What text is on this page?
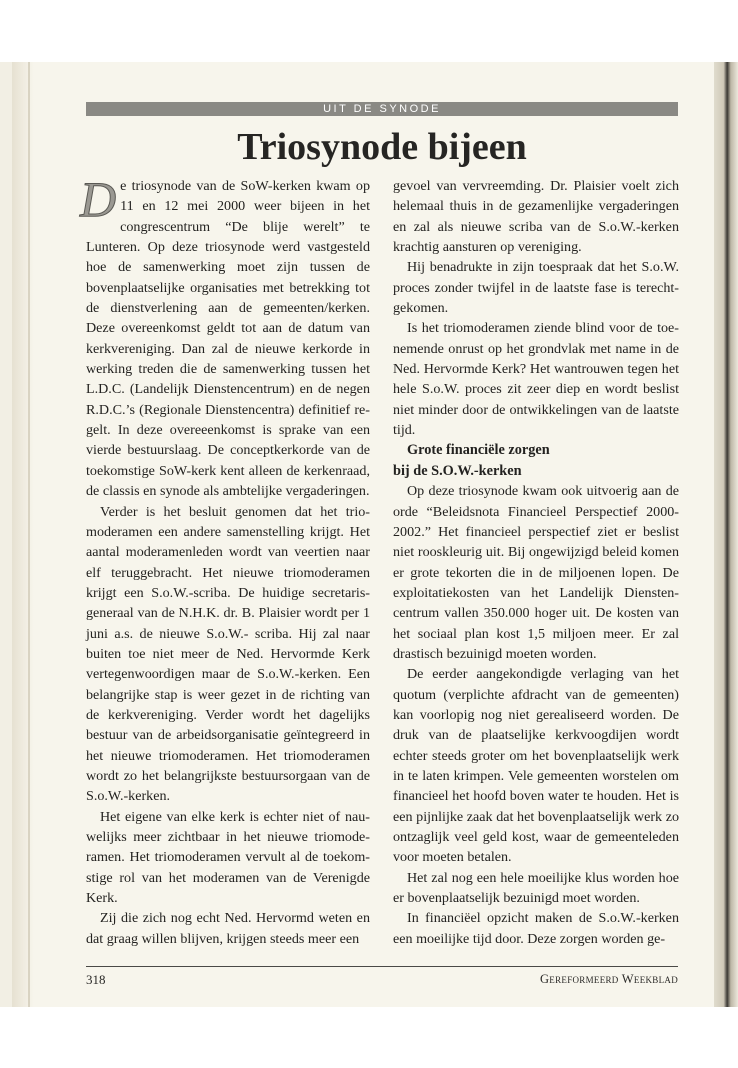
UIT DE SYNODE
Triosynode bijeen

De triosynode van de SoW-kerken kwam op 11 en 12 mei 2000 weer bijeen in het congrescentrum “De blije werelt” te Lunteren. Op deze triosynode werd vastgesteld hoe de samenwerking moet zijn tussen de bovenplaatselijke organisaties met betrekking tot de dienstverlening aan de gemeenten/kerken. Deze overeenkomst geldt tot aan de datum van kerkvereniging. Dan zal de nieuwe kerkorde in werking treden die de samenwerking tussen het L.D.C. (Landelijk Dienstencentrum) en de negen R.D.C.’s (Regionale Dienstencentra) definitief regelt. In deze overeeenkomst is sprake van een vierde bestuurslaag. De conceptkerkorde van de toekomstige SoW-kerk kent alleen de kerkenraad, de classis en synode als ambtelijke vergaderingen.

Verder is het besluit genomen dat het triomoderamen een andere samenstelling krijgt. Het aantal moderamenleden wordt van veertien naar elf teruggebracht. Het nieuwe triomoderamen krijgt een S.o.W.-scriba. De huidige secretaris-generaal van de N.H.K. dr. B. Plaisier wordt per 1 juni a.s. de nieuwe S.o.W.- scriba. Hij zal naar buiten toe niet meer de Ned. Hervormde Kerk vertegenwoordigen maar de S.o.W.-kerken. Een belangrijke stap is weer gezet in de richting van de kerkvereniging. Verder wordt het dagelijks bestuur van de arbeidsorganisatie geïntegreerd in het nieuwe triomoderamen. Het triomoderamen wordt zo het belangrijkste bestuursorgaan van de S.o.W.-kerken.

Het eigene van elke kerk is echter niet of nauwelijks meer zichtbaar in het nieuwe triomoderamen. Het triomoderamen vervult al de toekomstige rol van het moderamen van de Verenigde Kerk.

Zij die zich nog echt Ned. Hervormd weten en dat graag willen blijven, krijgen steeds meer een

gevoel van vervreemding. Dr. Plaisier voelt zich helemaal thuis in de gezamenlijke vergaderingen en zal als nieuwe scriba van de S.o.W.-kerken krachtig aansturen op vereniging.

Hij benadrukte in zijn toespraak dat het S.o.W. proces zonder twijfel in de laatste fase is terechtgekomen.

Is het triomoderamen ziende blind voor de toenemende onrust op het grondvlak met name in de Ned. Hervormde Kerk? Het wantrouwen tegen het hele S.o.W. proces zit zeer diep en wordt beslist niet minder door de ontwikkelingen van de laatste tijd.

Grote financiële zorgen
bij de S.O.W.-kerken

Op deze triosynode kwam ook uitvoerig aan de orde “Beleidsnota Financieel Perspectief 2000-2002.” Het financieel perspectief ziet er beslist niet rooskleurig uit. Bij ongewijzigd beleid komen er grote tekorten die in de miljoenen lopen. De exploitatiekosten van het Landelijk Dienstencentrum vallen 350.000 hoger uit. De kosten van het sociaal plan kost 1,5 miljoen meer. Er zal drastisch bezuinigd moeten worden.

De eerder aangekondigde verlaging van het quotum (verplichte afdracht van de gemeenten) kan voorlopig nog niet gerealiseerd worden. De druk van de plaatselijke kerkvoogdijen wordt echter steeds groter om het bovenplaatselijk werk in te laten krimpen. Vele gemeenten worstelen om financieel het hoofd boven water te houden. Het is een pijnlijke zaak dat het bovenplaatselijk werk zo ontzaglijk veel geld kost, waar de gemeenteleden voor moeten betalen.

Het zal nog een hele moeilijke klus worden hoe er bovenplaatselijk bezuinigd moet worden.

In financiëel opzicht maken de S.o.W.-kerken een moeilijke tijd door. Deze zorgen worden ge-

318	Gereformeerd Weekblad
